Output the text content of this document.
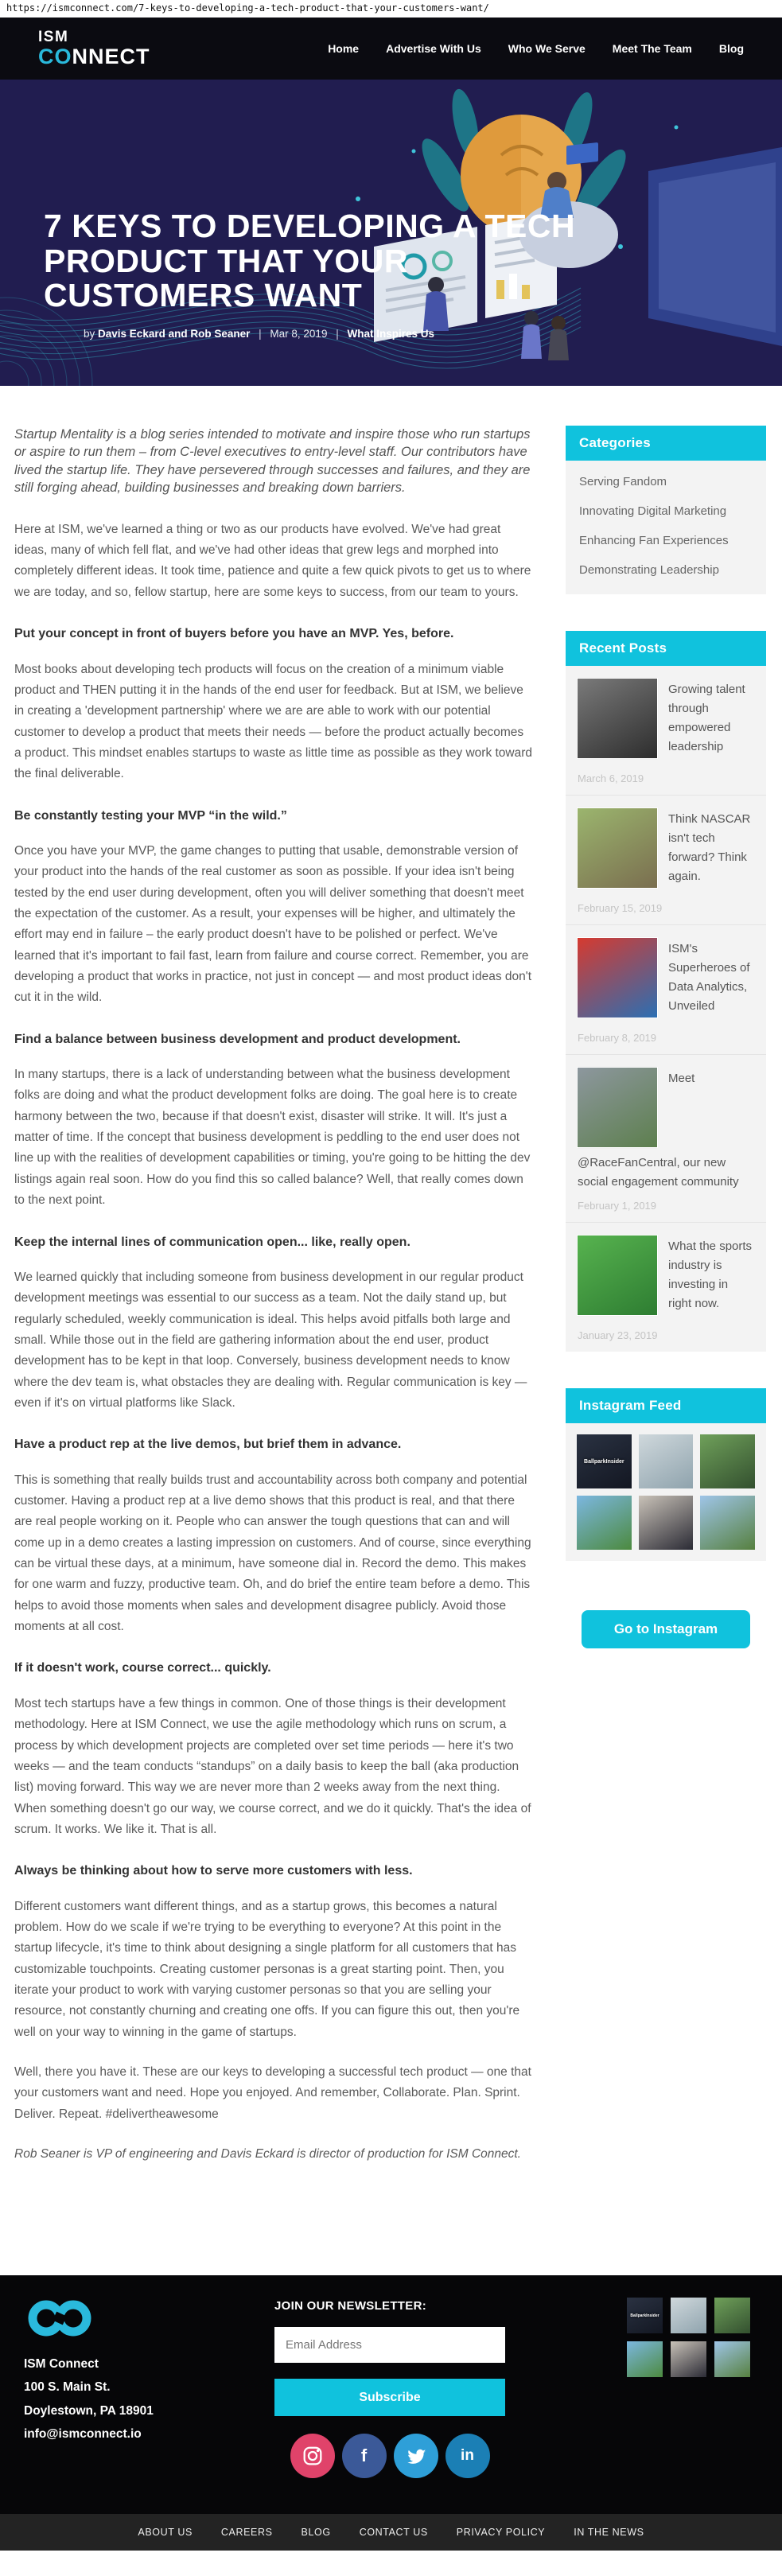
https://ismconnect.com/7-keys-to-developing-a-tech-product-that-your-customers-want/
ISM
CONNECT	Home Advertise With Us Who We Serve Meet The Team Blog
7 KEYS TO DEVELOPING A TECH PRODUCT THAT YOUR CUSTOMERS WANT
by Davis Eckard and Rob Seaner | Mar 8, 2019 | What Inspires Us

Startup Mentality is a blog series intended to motivate and inspire those who run startups or aspire to run them – from C-level executives to entry-level staff. Our contributors have lived the startup life. They have persevered through successes and failures, and they are still forging ahead, building businesses and breaking down barriers.

Here at ISM, we've learned a thing or two as our products have evolved. We've had great ideas, many of which fell flat, and we've had other ideas that grew legs and morphed into completely different ideas. It took time, patience and quite a few quick pivots to get us to where we are today, and so, fellow startup, here are some keys to success, from our team to yours.

Put your concept in front of buyers before you have an MVP. Yes, before.

Most books about developing tech products will focus on the creation of a minimum viable product and THEN putting it in the hands of the end user for feedback. But at ISM, we believe in creating a 'development partnership' where we are are able to work with our potential customer to develop a product that meets their needs — before the product actually becomes a product. This mindset enables startups to waste as little time as possible as they work toward the final deliverable.

Be constantly testing your MVP “in the wild.”

Once you have your MVP, the game changes to putting that usable, demonstrable version of your product into the hands of the real customer as soon as possible. If your idea isn't being tested by the end user during development, often you will deliver something that doesn't meet the expectation of the customer. As a result, your expenses will be higher, and ultimately the effort may end in failure – the early product doesn't have to be polished or perfect. We've learned that it's important to fail fast, learn from failure and course correct. Remember, you are developing a product that works in practice, not just in concept — and most product ideas don't cut it in the wild.

Find a balance between business development and product development.

In many startups, there is a lack of understanding between what the business development folks are doing and what the product development folks are doing. The goal here is to create harmony between the two, because if that doesn't exist, disaster will strike. It will. It's just a matter of time. If the concept that business development is peddling to the end user does not line up with the realities of development capabilities or timing, you're going to be hitting the dev listings again real soon. How do you find this so called balance? Well, that really comes down to the next point.

Keep the internal lines of communication open... like, really open.

We learned quickly that including someone from business development in our regular product development meetings was essential to our success as a team. Not the daily stand up, but regularly scheduled, weekly communication is ideal. This helps avoid pitfalls both large and small. While those out in the field are gathering information about the end user, product development has to be kept in that loop. Conversely, business development needs to know where the dev team is, what obstacles they are dealing with. Regular communication is key — even if it's on virtual platforms like Slack.

Have a product rep at the live demos, but brief them in advance.

This is something that really builds trust and accountability across both company and potential customer. Having a product rep at a live demo shows that this product is real, and that there are real people working on it. People who can answer the tough questions that can and will come up in a demo creates a lasting impression on customers. And of course, since everything can be virtual these days, at a minimum, have someone dial in. Record the demo. This makes for one warm and fuzzy, productive team. Oh, and do brief the entire team before a demo. This helps to avoid those moments when sales and development disagree publicly. Avoid those moments at all cost.

If it doesn't work, course correct... quickly.

Most tech startups have a few things in common. One of those things is their development methodology. Here at ISM Connect, we use the agile methodology which runs on scrum, a process by which development projects are completed over set time periods — here it's two weeks — and the team conducts “standups” on a daily basis to keep the ball (aka production list) moving forward. This way we are never more than 2 weeks away from the next thing. When something doesn't go our way, we course correct, and we do it quickly. That's the idea of scrum. It works. We like it. That is all.

Always be thinking about how to serve more customers with less.

Different customers want different things, and as a startup grows, this becomes a natural problem. How do we scale if we're trying to be everything to everyone? At this point in the startup lifecycle, it's time to think about designing a single platform for all customers that has customizable touchpoints. Creating customer personas is a great starting point. Then, you iterate your product to work with varying customer personas so that you are selling your resource, not constantly churning and creating one offs. If you can figure this out, then you're well on your way to winning in the game of startups.

Well, there you have it. These are our keys to developing a successful tech product — one that your customers want and need. Hope you enjoyed. And remember, Collaborate. Plan. Sprint. Deliver. Repeat. #delivertheawesome

Rob Seaner is VP of engineering and Davis Eckard is director of production for ISM Connect.

Categories
Serving Fandom
Innovating Digital Marketing
Enhancing Fan Experiences
Demonstrating Leadership
Recent Posts
Growing talent through empowered leadership
March 6, 2019
Think NASCAR isn't tech forward? Think again.
February 15, 2019
ISM's Superheroes of Data Analytics, Unveiled
February 8, 2019
Meet @RaceFanCentral, our new social engagement community
February 1, 2019
What the sports industry is investing in right now.
January 23, 2019
Instagram Feed
BallparkInsider
Go to Instagram
ISM Connect
100 S. Main St.
Doylestown, PA 18901
info@ismconnect.io
JOIN OUR NEWSLETTER:
Email Address Subscribe
f	in
BallparkInsider
ABOUT US	CAREERS	BLOG	CONTACT US	PRIVACY POLICY	IN THE NEWS
